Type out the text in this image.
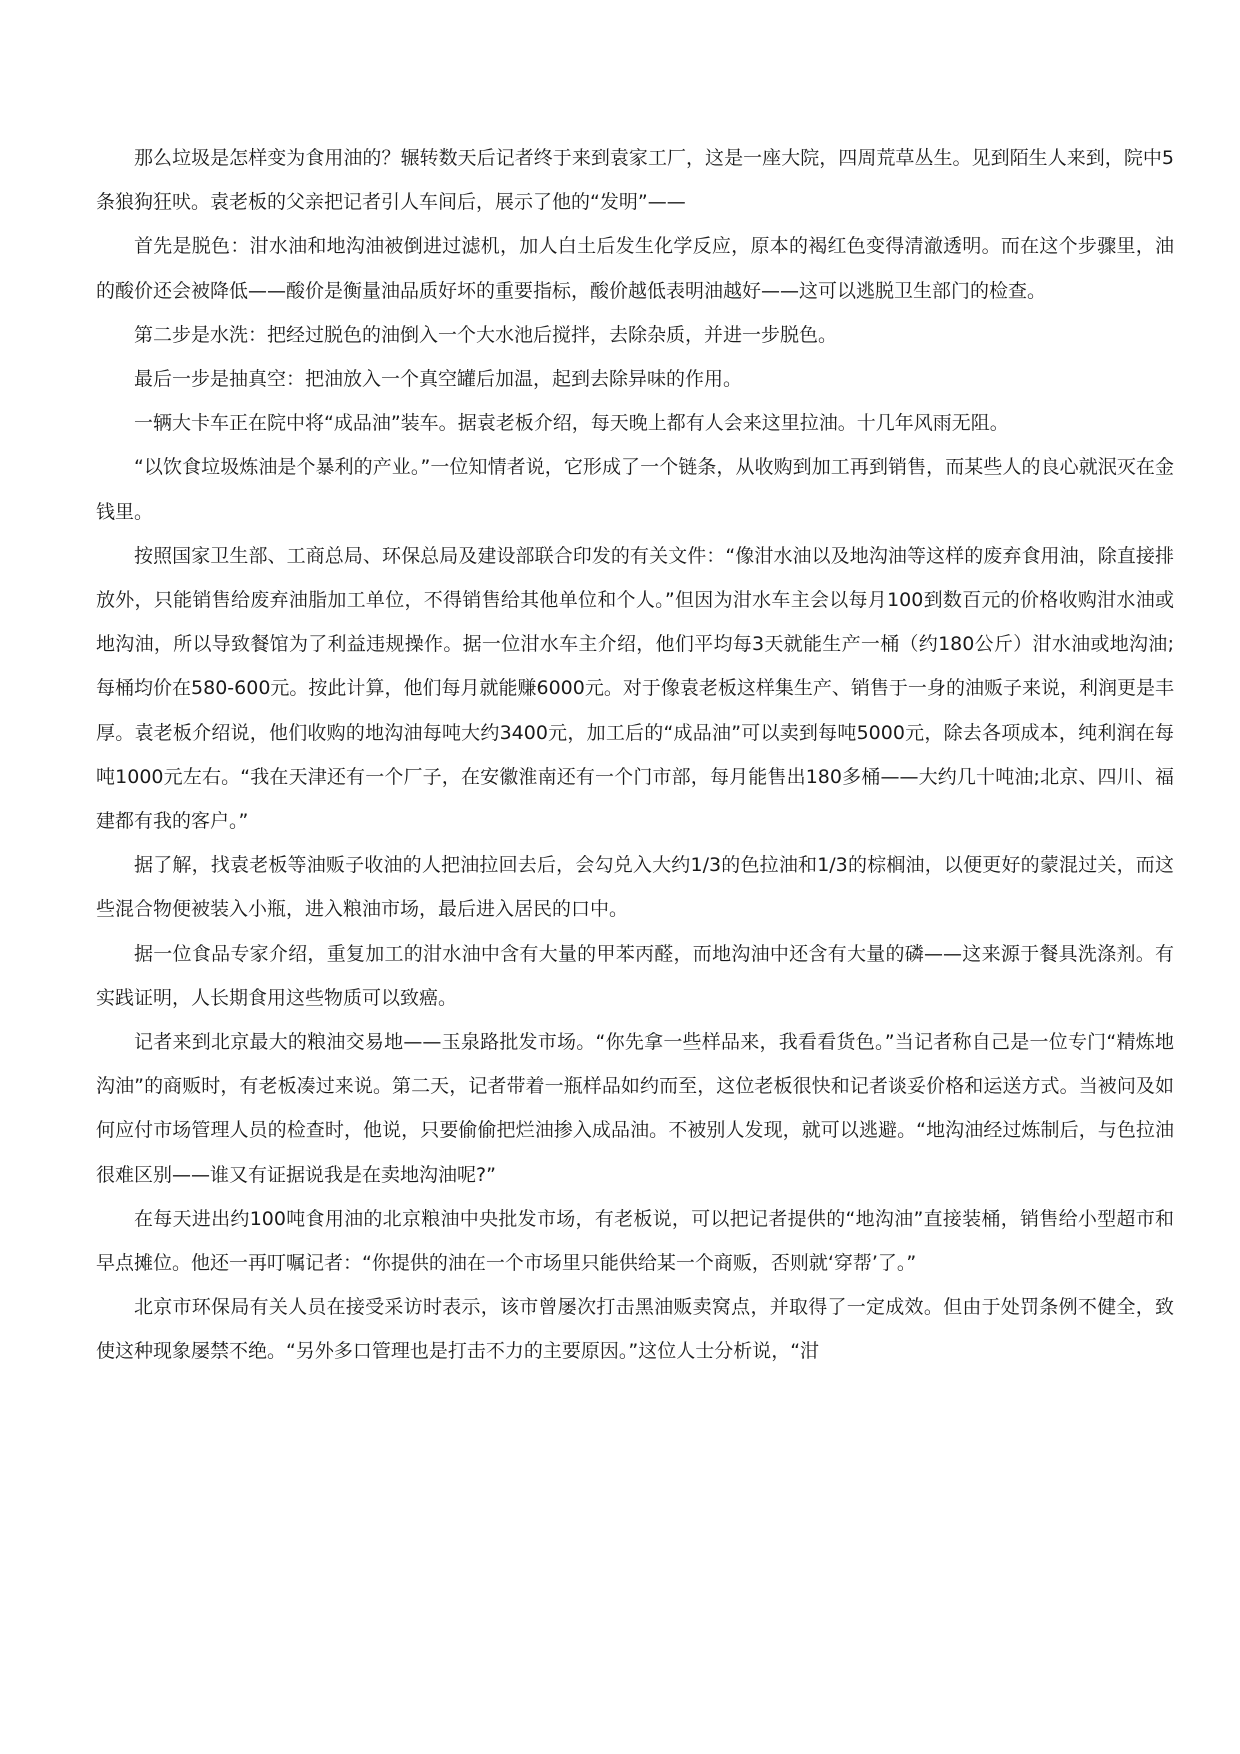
那么垃圾是怎样变为食用油的？辗转数天后记者终于来到袁家工厂，这是一座大院，四周荒草丛生。见到陌生人来到，院中5条狼狗狂吠。袁老板的父亲把记者引人车间后，展示了他的“发明”——

首先是脱色：泔水油和地沟油被倒进过滤机，加人白土后发生化学反应，原本的褐红色变得清澈透明。而在这个步骤里，油的酸价还会被降低——酸价是衡量油品质好坏的重要指标，酸价越低表明油越好——这可以逃脱卫生部门的检查。

第二步是水洗：把经过脱色的油倒入一个大水池后搅拌，去除杂质，并进一步脱色。

最后一步是抽真空：把油放入一个真空罐后加温，起到去除异味的作用。

一辆大卡车正在院中将“成品油”装车。据袁老板介绍，每天晚上都有人会来这里拉油。十几年风雨无阻。

“以饮食垃圾炼油是个暴利的产业。”一位知情者说，它形成了一个链条，从收购到加工再到销售，而某些人的良心就泯灭在金钱里。

按照国家卫生部、工商总局、环保总局及建设部联合印发的有关文件：“像泔水油以及地沟油等这样的废弃食用油，除直接排放外，只能销售给废弃油脂加工单位，不得销售给其他单位和个人。”但因为泔水车主会以每月100到数百元的价格收购泔水油或地沟油，所以导致餐馆为了利益违规操作。据一位泔水车主介绍，他们平均每3天就能生产一桶（约180公斤）泔水油或地沟油;每桶均价在580-600元。按此计算，他们每月就能赚6000元。对于像袁老板这样集生产、销售于一身的油贩子来说，利润更是丰厚。袁老板介绍说，他们收购的地沟油每吨大约3400元，加工后的“成品油”可以卖到每吨5000元，除去各项成本，纯利润在每吨1000元左右。“我在天津还有一个厂子，在安徽淮南还有一个门市部，每月能售出180多桶——大约几十吨油;北京、四川、福建都有我的客户。”

据了解，找袁老板等油贩子收油的人把油拉回去后，会勾兑入大约1/3的色拉油和1/3的棕榈油，以便更好的蒙混过关，而这些混合物便被装入小瓶，进入粮油市场，最后进入居民的口中。

据一位食品专家介绍，重复加工的泔水油中含有大量的甲苯丙醛，而地沟油中还含有大量的磷——这来源于餐具洗涤剂。有实践证明，人长期食用这些物质可以致癌。

记者来到北京最大的粮油交易地——玉泉路批发市场。“你先拿一些样品来，我看看货色。”当记者称自己是一位专门“精炼地沟油”的商贩时，有老板凑过来说。第二天，记者带着一瓶样品如约而至，这位老板很快和记者谈妥价格和运送方式。当被问及如何应付市场管理人员的检查时，他说，只要偷偷把烂油掺入成品油。不被别人发现，就可以逃避。“地沟油经过炼制后，与色拉油很难区别——谁又有证据说我是在卖地沟油呢?”

在每天进出约100吨食用油的北京粮油中央批发市场，有老板说，可以把记者提供的“地沟油”直接装桶，销售给小型超市和早点摊位。他还一再叮嘱记者：“你提供的油在一个市场里只能供给某一个商贩，否则就‘穿帮’了。”

北京市环保局有关人员在接受采访时表示，该市曾屡次打击黑油贩卖窝点，并取得了一定成效。但由于处罚条例不健全，致使这种现象屡禁不绝。“另外多口管理也是打击不力的主要原因。”这位人士分析说，“泔
